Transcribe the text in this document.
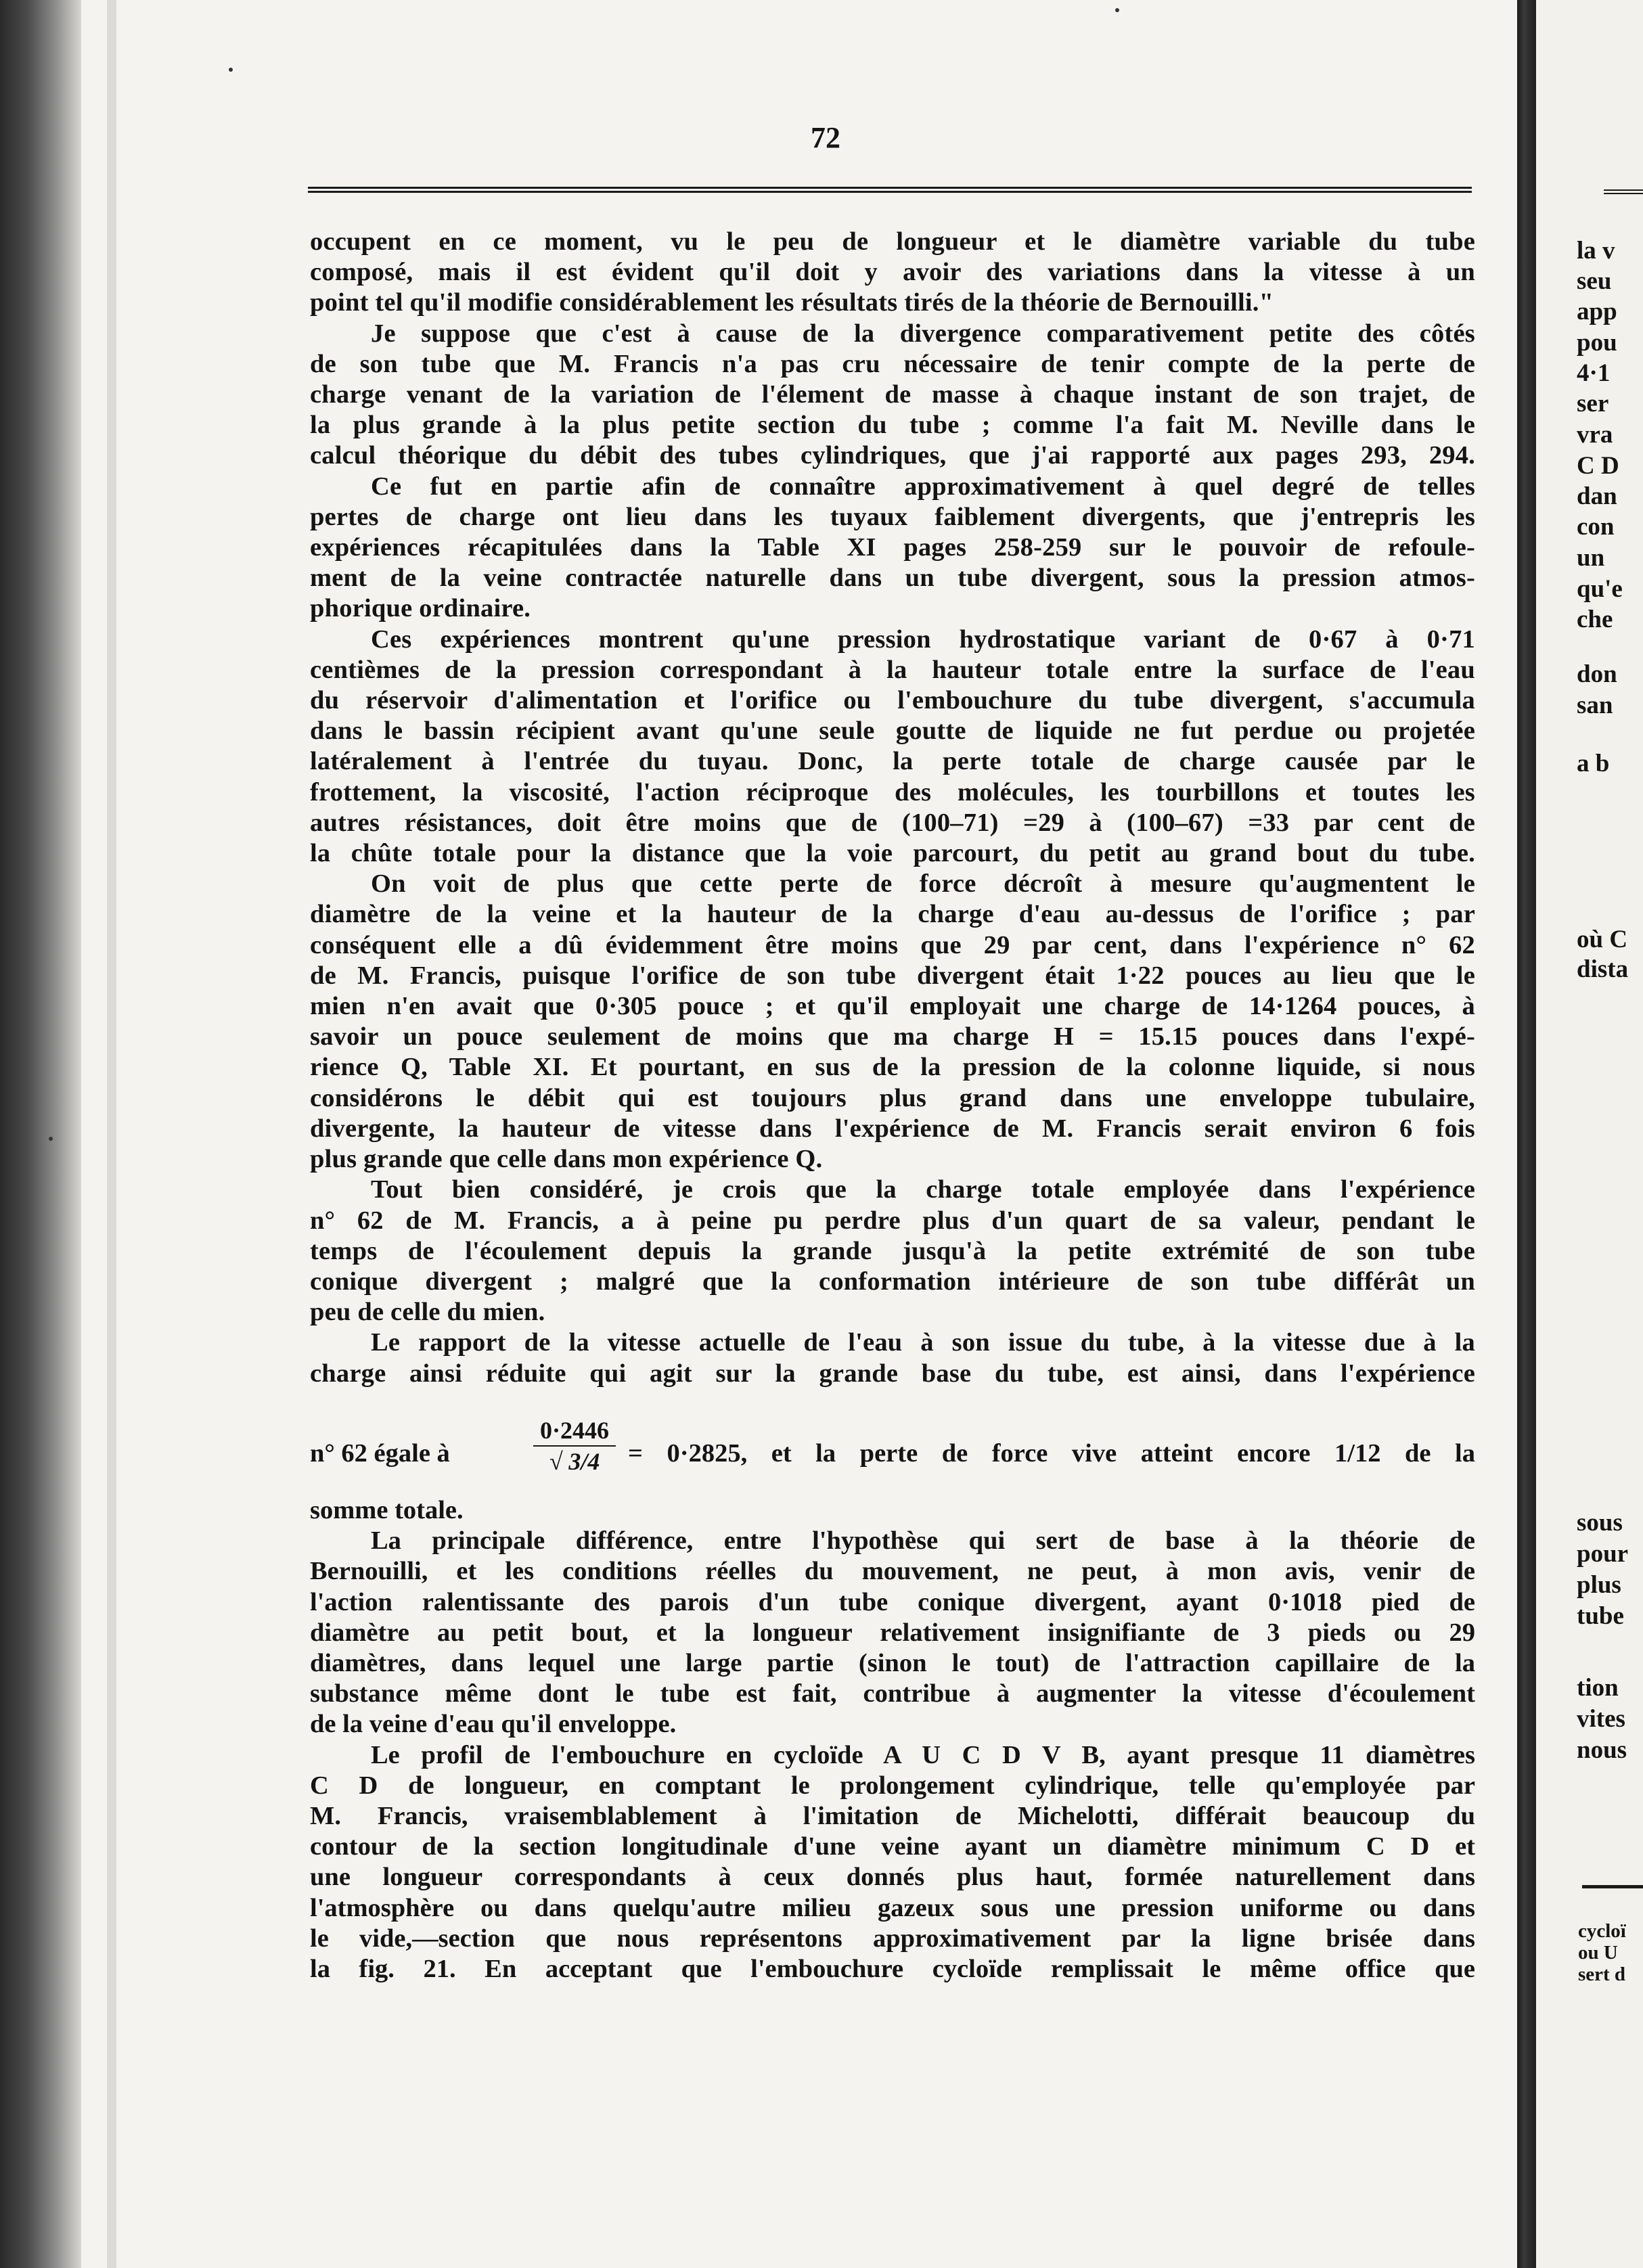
72
occupent en ce moment, vu le peu de longueur et le diamètre variable du tube
composé, mais il est évident qu'il doit y avoir des variations dans la vitesse à un
point tel qu'il modifie considérablement les résultats tirés de la théorie de Bernouilli."
Je suppose que c'est à cause de la divergence comparativement petite des côtés
de son tube que M. Francis n'a pas cru nécessaire de tenir compte de la perte de
charge venant de la variation de l'élement de masse à chaque instant de son trajet, de
la plus grande à la plus petite section du tube ; comme l'a fait M. Neville dans le
calcul théorique du débit des tubes cylindriques, que j'ai rapporté aux pages 293, 294.
Ce fut en partie afin de connaître approximativement à quel degré de telles
pertes de charge ont lieu dans les tuyaux faiblement divergents, que j'entrepris les
expériences récapitulées dans la Table XI pages 258-259 sur le pouvoir de refoule-
ment de la veine contractée naturelle dans un tube divergent, sous la pression atmos-
phorique ordinaire.
Ces expériences montrent qu'une pression hydrostatique variant de 0·67 à 0·71
centièmes de la pression correspondant à la hauteur totale entre la surface de l'eau
du réservoir d'alimentation et l'orifice ou l'embouchure du tube divergent, s'accumula
dans le bassin récipient avant qu'une seule goutte de liquide ne fut perdue ou projetée
latéralement à l'entrée du tuyau. Donc, la perte totale de charge causée par le
frottement, la viscosité, l'action réciproque des molécules, les tourbillons et toutes les
autres résistances, doit être moins que de (100–71) =29 à (100–67) =33 par cent de
la chûte totale pour la distance que la voie parcourt, du petit au grand bout du tube.
On voit de plus que cette perte de force décroît à mesure qu'augmentent le
diamètre de la veine et la hauteur de la charge d'eau au-dessus de l'orifice ; par
conséquent elle a dû évidemment être moins que 29 par cent, dans l'expérience n° 62
de M. Francis, puisque l'orifice de son tube divergent était 1·22 pouces au lieu que le
mien n'en avait que 0·305 pouce ; et qu'il employait une charge de 14·1264 pouces, à
savoir un pouce seulement de moins que ma charge H = 15.15 pouces dans l'expé-
rience Q, Table XI. Et pourtant, en sus de la pression de la colonne liquide, si nous
considérons le débit qui est toujours plus grand dans une enveloppe tubulaire,
divergente, la hauteur de vitesse dans l'expérience de M. Francis serait environ 6 fois
plus grande que celle dans mon expérience Q.
Tout bien considéré, je crois que la charge totale employée dans l'expérience
n° 62 de M. Francis, a à peine pu perdre plus d'un quart de sa valeur, pendant le
temps de l'écoulement depuis la grande jusqu'à la petite extrémité de son tube
conique divergent ; malgré que la conformation intérieure de son tube différât un
peu de celle du mien.
Le rapport de la vitesse actuelle de l'eau à son issue du tube, à la vitesse due à la
charge ainsi réduite qui agit sur la grande base du tube, est ainsi, dans l'expérience
n° 62 égale à
0·2446
√ 3/4	= 0·2825, et la perte de force vive atteint encore 1/12 de la
somme totale.
La principale différence, entre l'hypothèse qui sert de base à la théorie de
Bernouilli, et les conditions réelles du mouvement, ne peut, à mon avis, venir de
l'action ralentissante des parois d'un tube conique divergent, ayant 0·1018 pied de
diamètre au petit bout, et la longueur relativement insignifiante de 3 pieds ou 29
diamètres, dans lequel une large partie (sinon le tout) de l'attraction capillaire de la
substance même dont le tube est fait, contribue à augmenter la vitesse d'écoulement
de la veine d'eau qu'il enveloppe.
Le profil de l'embouchure en cycloïde A U C D V B, ayant presque 11 diamètres
C D de longueur, en comptant le prolongement cylindrique, telle qu'employée par
M. Francis, vraisemblablement à l'imitation de Michelotti, différait beaucoup du
contour de la section longitudinale d'une veine ayant un diamètre minimum C D et
une longueur correspondants à ceux donnés plus haut, formée naturellement dans
l'atmosphère ou dans quelqu'autre milieu gazeux sous une pression uniforme ou dans
le vide,—section que nous représentons approximativement par la ligne brisée dans
la fig. 21. En acceptant que l'embouchure cycloïde remplissait le même office que
la v
seu
app
pou
4·1
ser
vra
C D
dan
con
un
qu'e
che
don
san
a b
où C
dista
sous
pour
plus
tube
tion
vites
nous
cycloï
ou U
sert d
